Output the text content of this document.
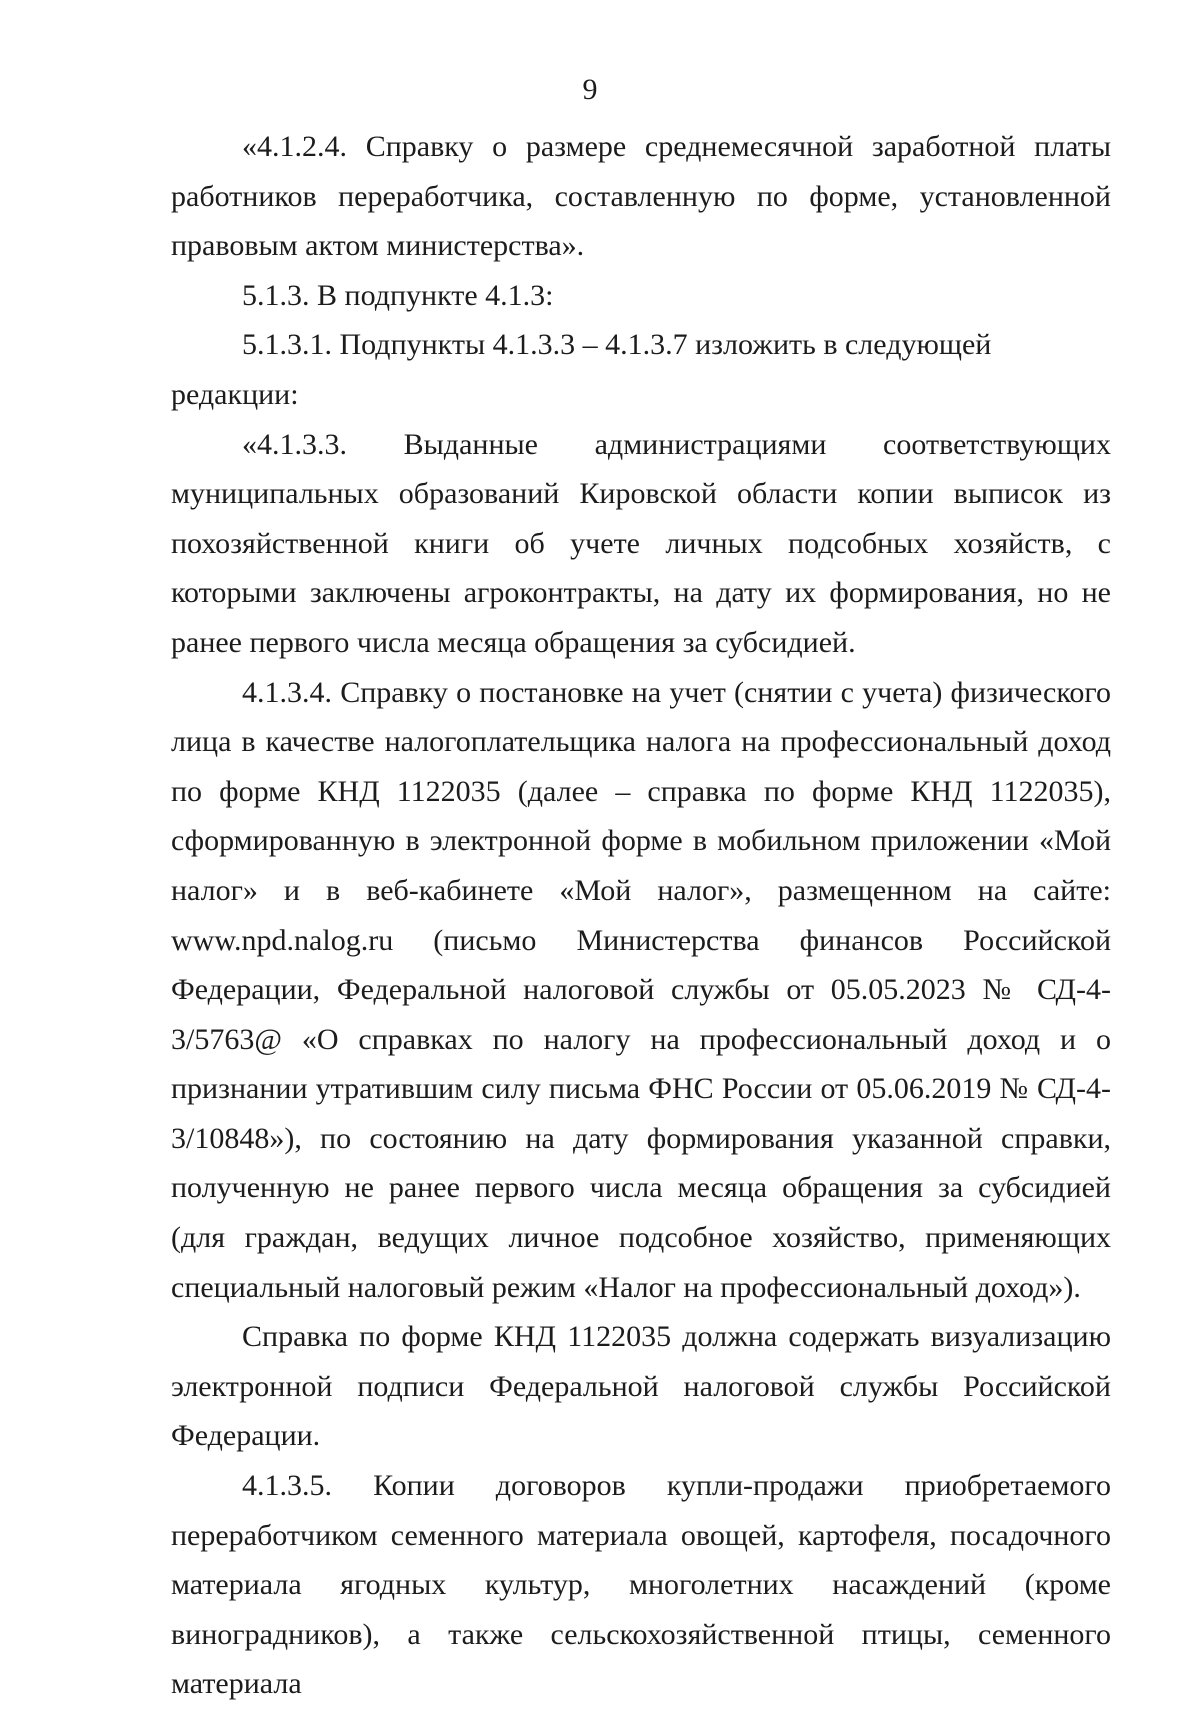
9

«4.1.2.4. Справку о размере среднемесячной заработной платы работников переработчика, составленную по форме, установленной правовым актом министерства».

5.1.3. В подпункте 4.1.3:

5.1.3.1. Подпункты 4.1.3.3 – 4.1.3.7 изложить в следующей редакции:

«4.1.3.3. Выданные администрациями соответствующих муниципальных образований Кировской области копии выписок из похозяйственной книги об учете личных подсобных хозяйств, с которыми заключены агроконтракты, на дату их формирования, но не ранее первого числа месяца обращения за субсидией.

4.1.3.4. Справку о постановке на учет (снятии с учета) физического лица в качестве налогоплательщика налога на профессиональный доход по форме КНД 1122035 (далее – справка по форме КНД 1122035), сформированную в электронной форме в мобильном приложении «Мой налог» и в веб-кабинете «Мой налог», размещенном на сайте: www.npd.nalog.ru (письмо Министерства финансов Российской Федерации, Федеральной налоговой службы от 05.05.2023 № СД-4-3/5763@ «О справках по налогу на профессиональный доход и о признании утратившим силу письма ФНС России от 05.06.2019 № СД-4-3/10848»), по состоянию на дату формирования указанной справки, полученную не ранее первого числа месяца обращения за субсидией (для граждан, ведущих личное подсобное хозяйство, применяющих специальный налоговый режим «Налог на профессиональный доход»).

Справка по форме КНД 1122035 должна содержать визуализацию электронной подписи Федеральной налоговой службы Российской Федерации.

4.1.3.5. Копии договоров купли-продажи приобретаемого переработчиком семенного материала овощей, картофеля, посадочного материала ягодных культур, многолетних насаждений (кроме виноградников), а также сельскохозяйственной птицы, семенного материала
